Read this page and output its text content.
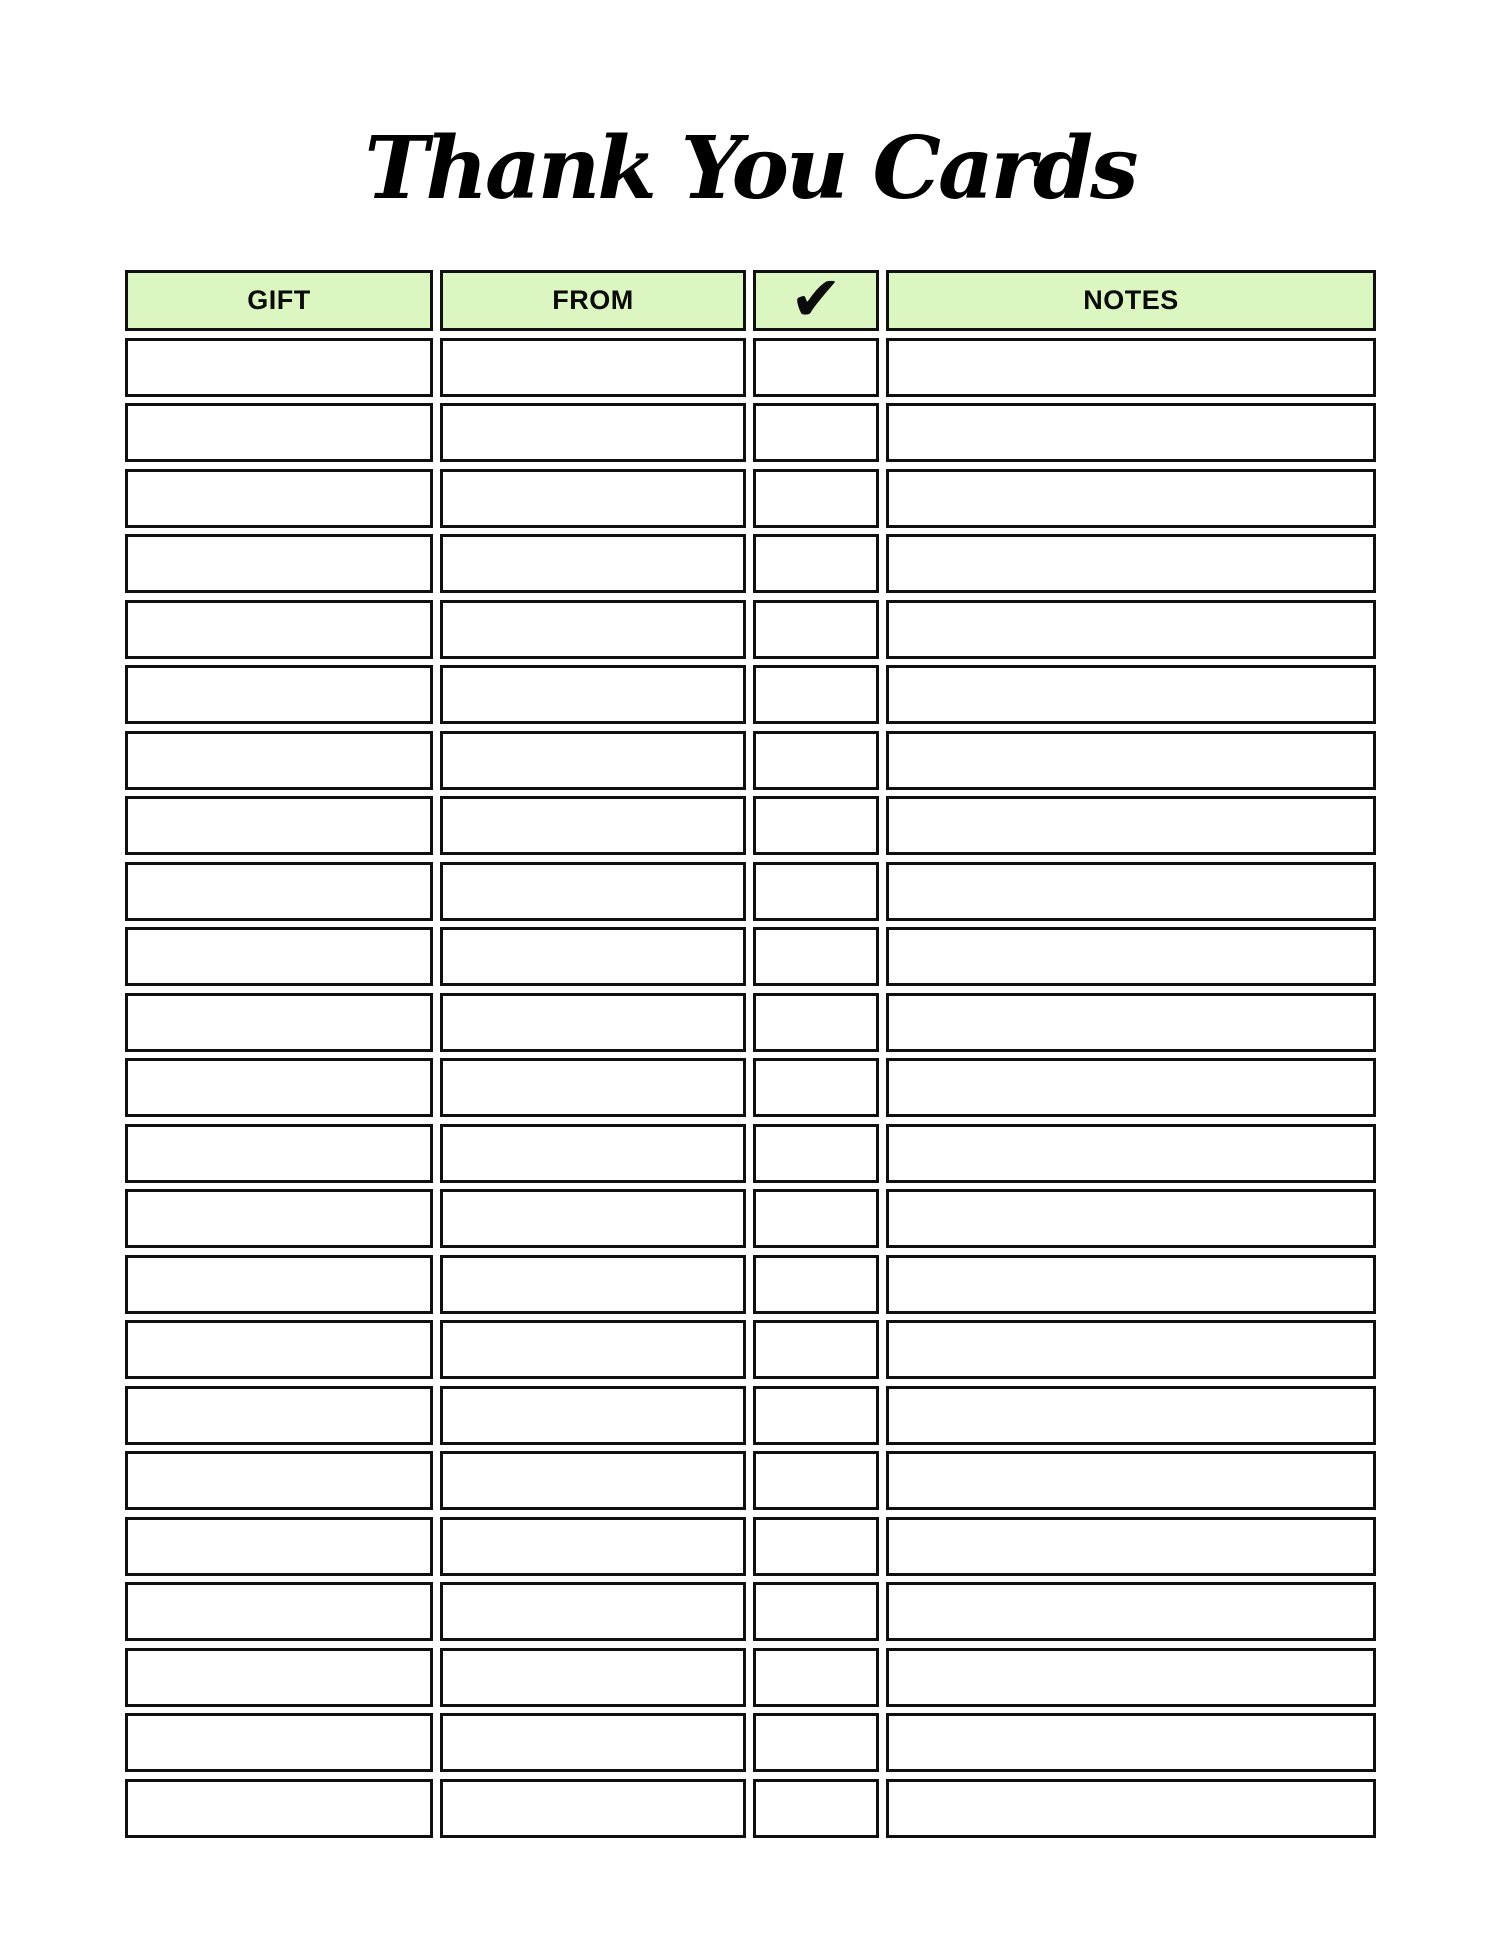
Thank You Cards
GIFT	FROM	✔	NOTES
